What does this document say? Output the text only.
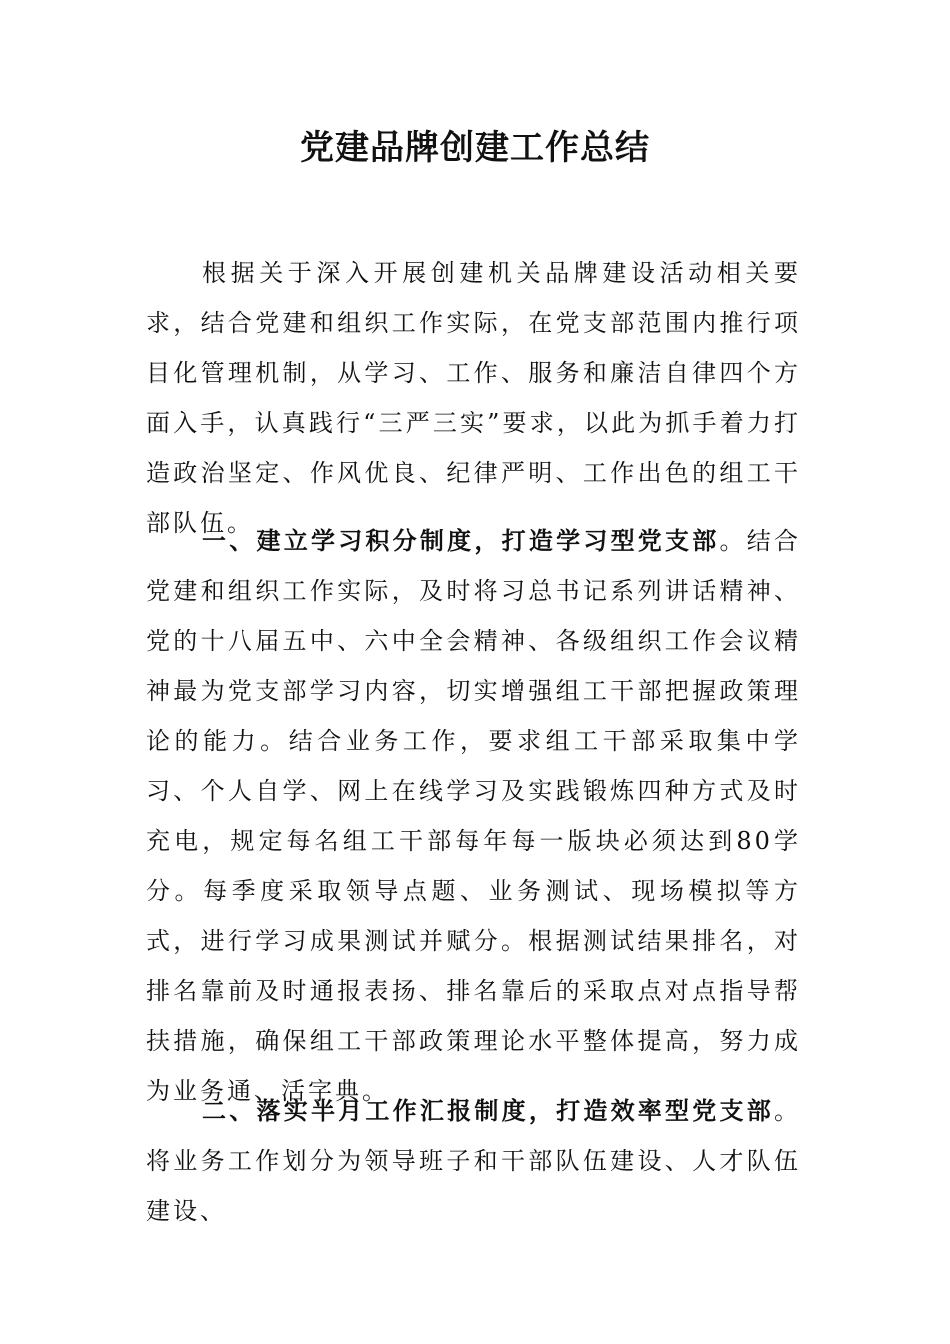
党建品牌创建工作总结

根据关于深入开展创建机关品牌建设活动相关要求，结合党建和组织工作实际，在党支部范围内推行项目化管理机制，从学习、工作、服务和廉洁自律四个方面入手，认真践行“三严三实”要求，以此为抓手着力打造政治坚定、作风优良、纪律严明、工作出色的组工干部队伍。

一、建立学习积分制度，打造学习型党支部。结合党建和组织工作实际，及时将习总书记系列讲话精神、党的十八届五中、六中全会精神、各级组织工作会议精神最为党支部学习内容，切实增强组工干部把握政策理论的能力。结合业务工作，要求组工干部采取集中学习、个人自学、网上在线学习及实践锻炼四种方式及时充电，规定每名组工干部每年每一版块必须达到80学分。每季度采取领导点题、业务测试、现场模拟等方式，进行学习成果测试并赋分。根据测试结果排名，对排名靠前及时通报表扬、排名靠后的采取点对点指导帮扶措施，确保组工干部政策理论水平整体提高，努力成为业务通、活字典。

二、落实半月工作汇报制度，打造效率型党支部。将业务工作划分为领导班子和干部队伍建设、人才队伍建设、
